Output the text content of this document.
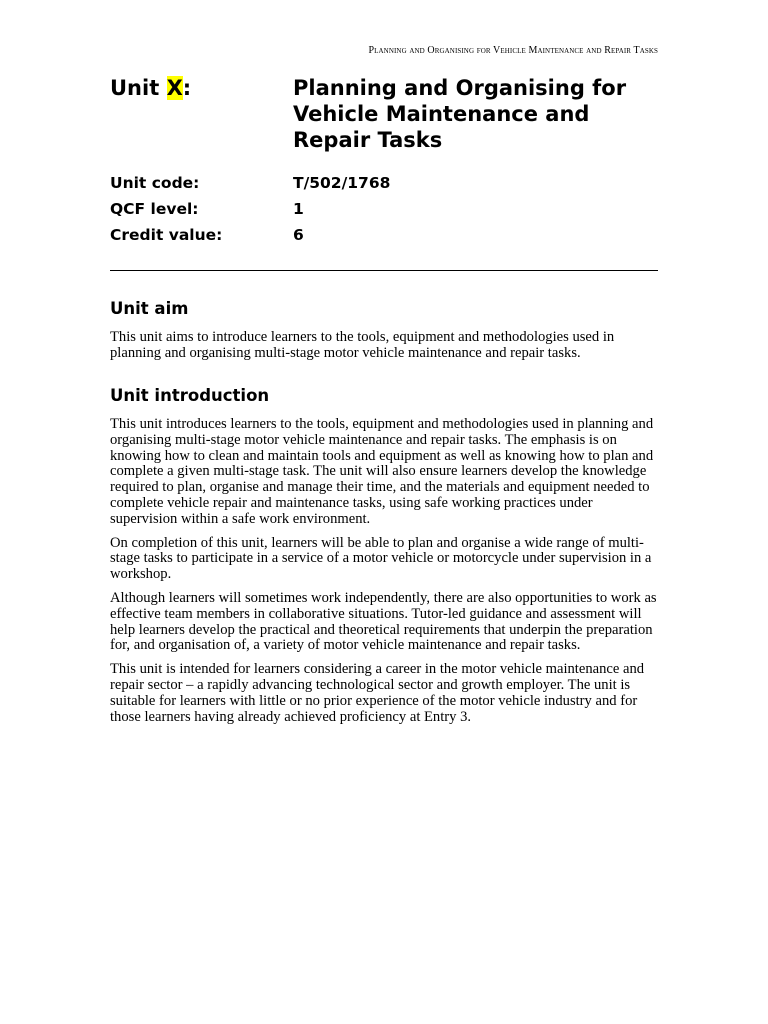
Planning and Organising for Vehicle Maintenance and Repair Tasks
Unit X:	Planning and Organising for Vehicle Maintenance and Repair Tasks
Unit code:	T/502/1768
QCF level:	1
Credit value:	6
Unit aim

This unit aims to introduce learners to the tools, equipment and methodologies used in planning and organising multi-stage motor vehicle maintenance and repair tasks.

Unit introduction

This unit introduces learners to the tools, equipment and methodologies used in planning and organising multi-stage motor vehicle maintenance and repair tasks. The emphasis is on knowing how to clean and maintain tools and equipment as well as knowing how to plan and complete a given multi-stage task. The unit will also ensure learners develop the knowledge required to plan, organise and manage their time, and the materials and equipment needed to complete vehicle repair and maintenance tasks, using safe working practices under supervision within a safe work environment.

On completion of this unit, learners will be able to plan and organise a wide range of multi-stage tasks to participate in a service of a motor vehicle or motorcycle under supervision in a workshop.

Although learners will sometimes work independently, there are also opportunities to work as effective team members in collaborative situations. Tutor-led guidance and assessment will help learners develop the practical and theoretical requirements that underpin the preparation for, and organisation of, a variety of motor vehicle maintenance and repair tasks.

This unit is intended for learners considering a career in the motor vehicle maintenance and repair sector – a rapidly advancing technological sector and growth employer. The unit is suitable for learners with little or no prior experience of the motor vehicle industry and for those learners having already achieved proficiency at Entry 3.
